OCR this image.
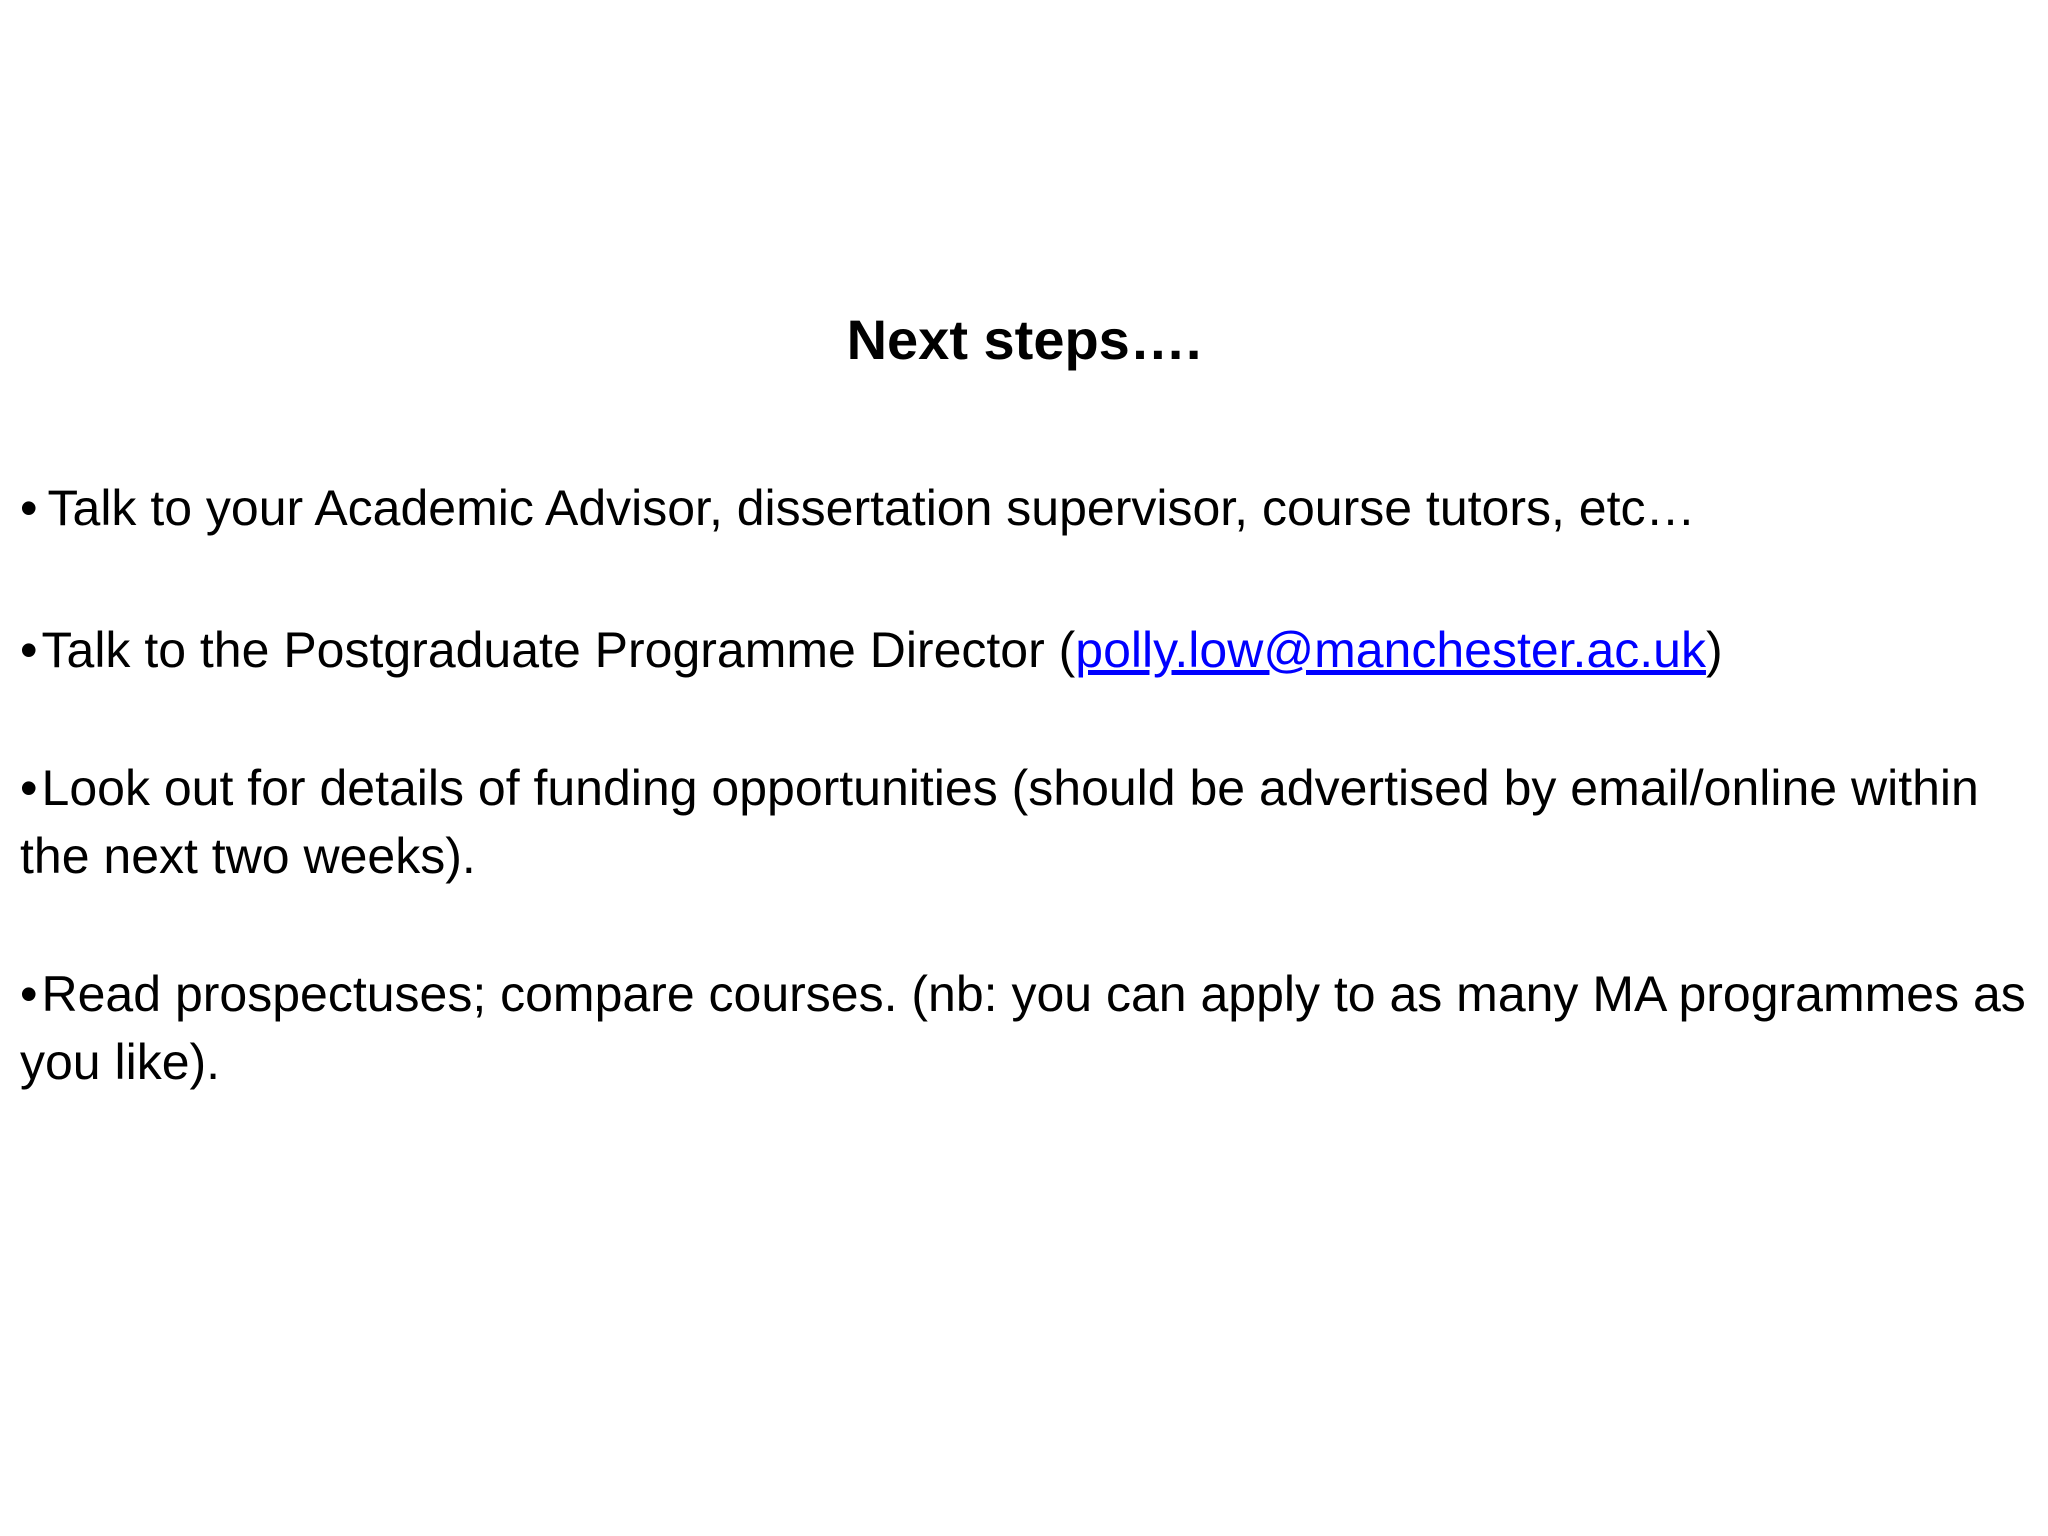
Next steps….

• Talk to your Academic Advisor, dissertation supervisor, course tutors, etc…

•Talk to the Postgraduate Programme Director (polly.low@manchester.ac.uk)

•Look out for details of funding opportunities (should be advertised by email/online within the next two weeks).

•Read prospectuses; compare courses. (nb: you can apply to as many MA programmes as you like).
